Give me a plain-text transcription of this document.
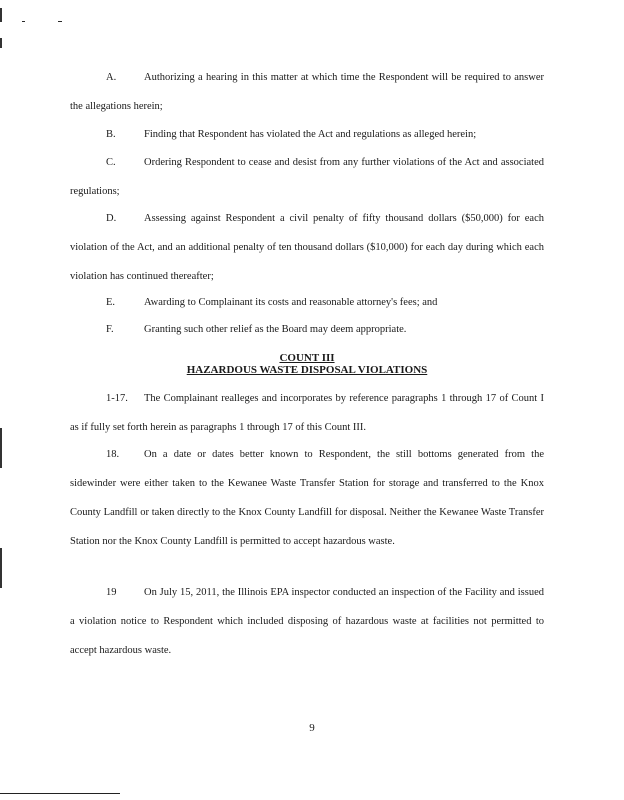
A.	Authorizing a hearing in this matter at which time the Respondent will be required to answer the allegations herein;

B.	Finding that Respondent has violated the Act and regulations as alleged herein;

C.	Ordering Respondent to cease and desist from any further violations of the Act and associated regulations;

D.	Assessing against Respondent a civil penalty of fifty thousand dollars ($50,000) for each violation of the Act, and an additional penalty of ten thousand dollars ($10,000) for each day during which each violation has continued thereafter;

E.	Awarding to Complainant its costs and reasonable attorney's fees; and

F.	Granting such other relief as the Board may deem appropriate.

COUNT III

HAZARDOUS WASTE DISPOSAL VIOLATIONS

1-17. The Complainant realleges and incorporates by reference paragraphs 1 through 17 of Count I as if fully set forth herein as paragraphs 1 through 17 of this Count III.

18. On a date or dates better known to Respondent, the still bottoms generated from the sidewinder were either taken to the Kewanee Waste Transfer Station for storage and transferred to the Knox County Landfill or taken directly to the Knox County Landfill for disposal. Neither the Kewanee Waste Transfer Station nor the Knox County Landfill is permitted to accept hazardous waste.

19	On July 15, 2011, the Illinois EPA inspector conducted an inspection of the Facility and issued a violation notice to Respondent which included disposing of hazardous waste at facilities not permitted to accept hazardous waste.

9
